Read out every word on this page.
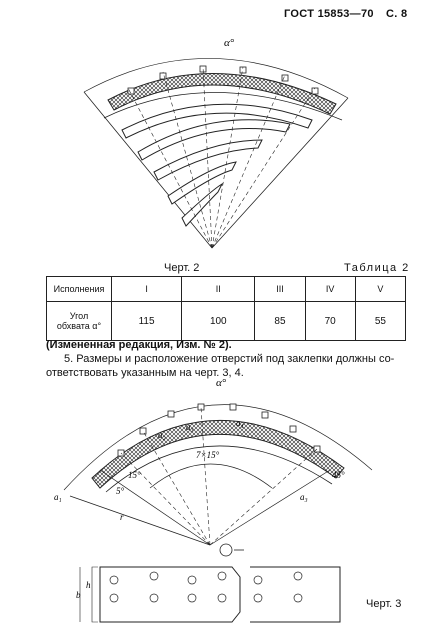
ГОСТ 15853—70 С. 8
α°
Черт. 2	Таблица 2
Исполнения	I	II	III	IV	V
Угол
обхвата α°	115	100	85	70	55
(Измененная редакция, Изм. № 2).
5. Размеры и расположение отверстий под заклепки должны со-
ответствовать указанным на черт. 3, 4.
α°
a₂
a₃	a₄
a₁	a₃
7×15°
15°
5°
45°
r
b
h
Черт. 3
